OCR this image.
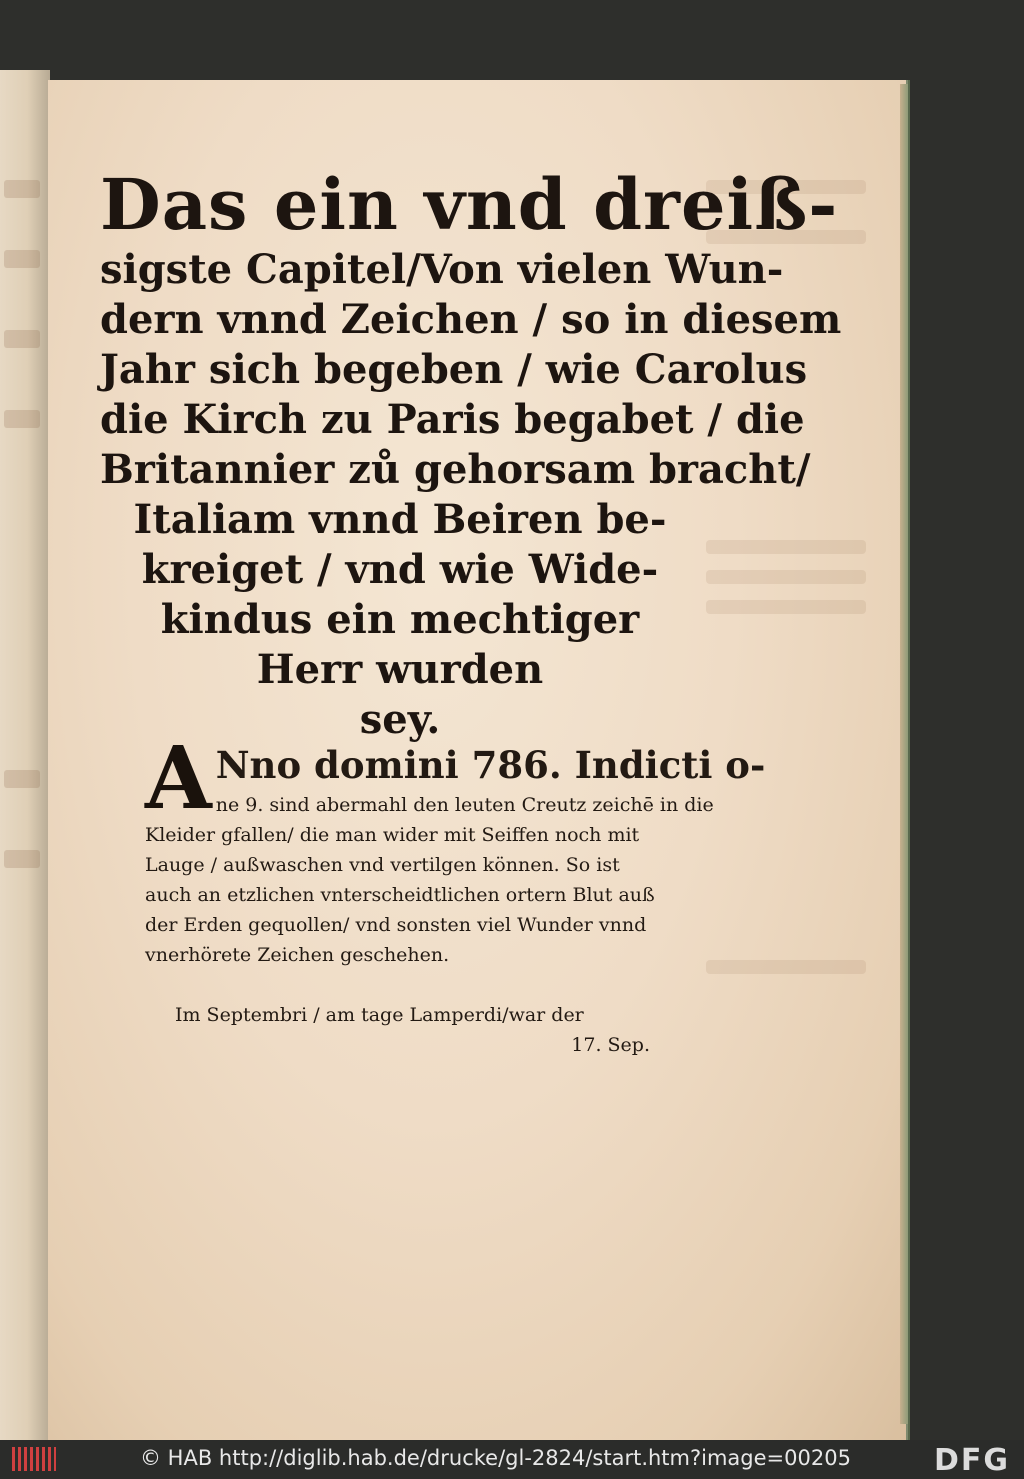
Das ein vnd dreiß-
sigste Capitel/Von vielen Wun-
dern vnnd Zeichen / so in diesem
Jahr sich begeben / wie Carolus
die Kirch zu Paris begabet / die
Britannier zů gehorsam bracht/
Italiam vnnd Beiren be-
kreiget / vnd wie Wide-
kindus ein mechtiger
Herr wurden
sey.
A Nno domini 786. Indicti o-
ne 9. sind abermahl den leuten Creutz zeichē in die
Kleider gfallen/ die man wider mit Seiffen noch mit
Lauge / außwaschen vnd vertilgen können. So ist
auch an etzlichen vnterscheidtlichen ortern Blut auß
der Erden gequollen/ vnd sonsten viel Wunder vnnd
vnerhörete Zeichen geschehen.
Im Septembri / am tage Lamperdi/war der
17. Sep.
© HAB http://diglib.hab.de/drucke/gl-2824/start.htm?image=00205	DFG
